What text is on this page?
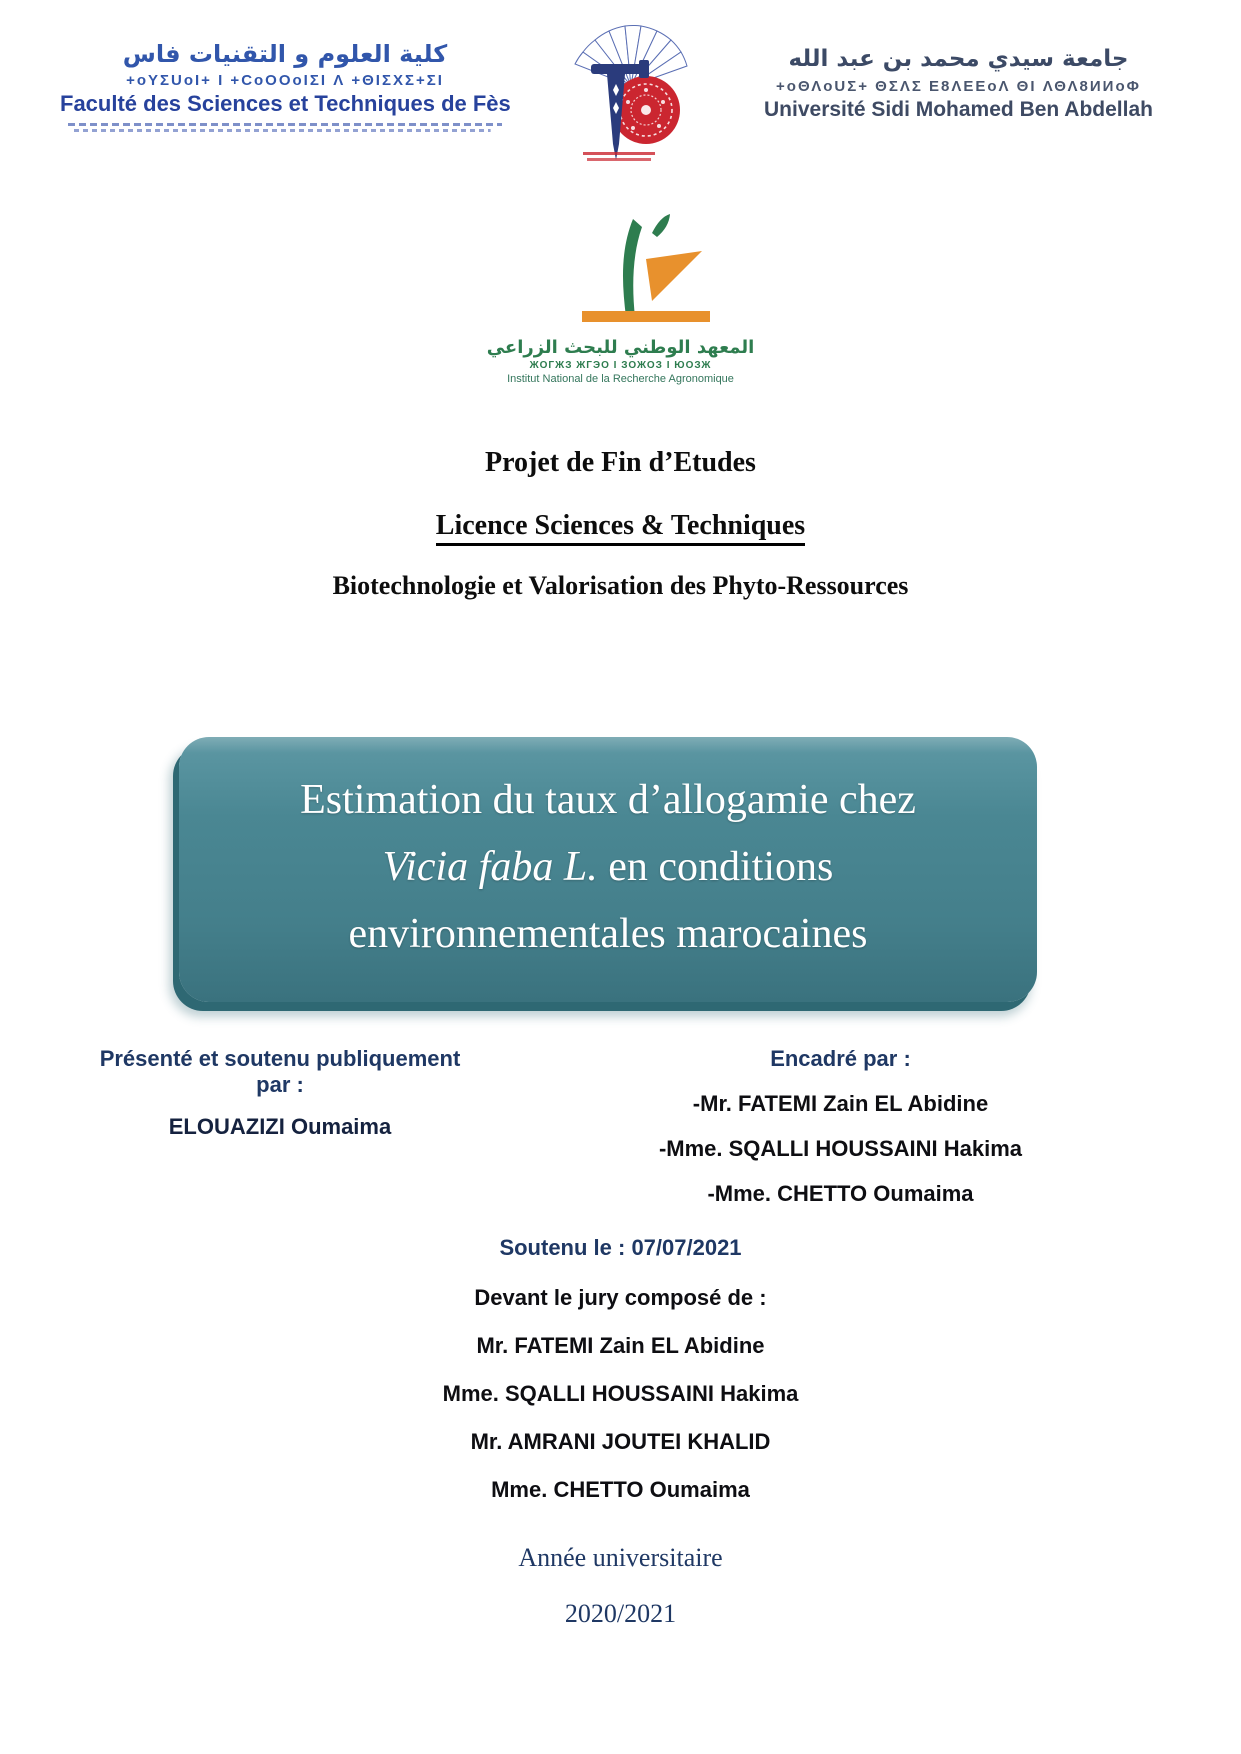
كلية العلوم و التقنيات فاس
+oYΣUoI+ I +CoOOoIΣI Λ +ΘIΣXΣ+ΣI
Faculté des Sciences et Techniques de Fès
جامعة سيدي محمد بن عبد الله
+oΘΛoUΣ+ ΘΣΛΣ E8ΛEEoΛ ΘI ΛΘΛ8ИИoΦ
Université Sidi Mohamed Ben Abdellah
المعهد الوطني للبحث الزراعي
ЖOГЖЗ ЖГЭО І ЗОЖОЗ І ЮОЗЖ
Institut National de la Recherche Agronomique
Projet de Fin d’Etudes
Licence Sciences & Techniques
Biotechnologie et Valorisation des Phyto-Ressources
Estimation du taux d’allogamie chez
Vicia faba L. en conditions
environnementales marocaines
Présenté et soutenu publiquement
par :
ELOUAZIZI Oumaima
Encadré par :
-Mr. FATEMI Zain EL Abidine
-Mme. SQALLI HOUSSAINI Hakima
-Mme. CHETTO Oumaima
Soutenu le : 07/07/2021
Devant le jury composé de :
Mr. FATEMI Zain EL Abidine
Mme. SQALLI HOUSSAINI Hakima
Mr. AMRANI JOUTEI KHALID
Mme. CHETTO Oumaima
Année universitaire
2020/2021
